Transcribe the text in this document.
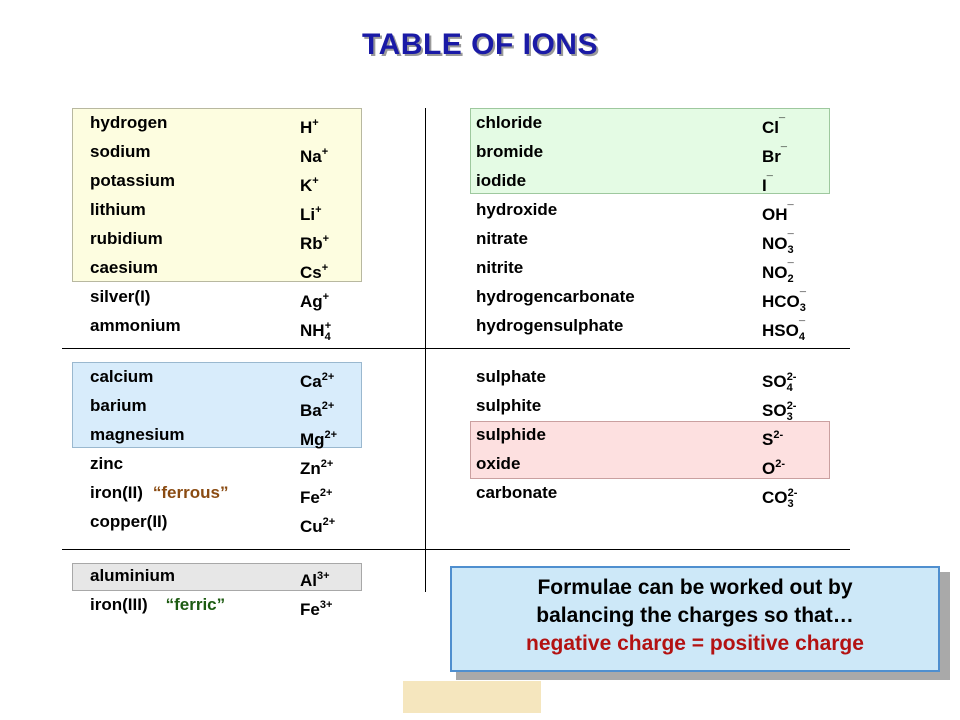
TABLE OF IONS
hydrogen	H+
sodium	Na+
potassium	K+
lithium	Li+
rubidium	Rb+
caesium	Cs+
silver(I)	Ag+
ammonium	$NH_4^+$
calcium	$Ca^{2+}$
barium	$Ba^{2+}$
magnesium	$Mg^{2+}$
zinc	$Zn^{2+}$
iron(II) “ferrous”	$Fe^{2+}$
copper(II)	$Cu^{2+}$
aluminium	$Al^{3+}$
iron(III) “ferric”	$Fe^{3+}$
chloride	Cl¯
bromide	Br¯
iodide	I¯
hydroxide	OH¯
nitrate	$NO_3^¯$
nitrite	$NO_2^¯$
hydrogencarbonate	$HCO_3^¯$
hydrogensulphate	$HSO_4^¯$
sulphate	$SO_4^{2-}$
sulphite	$SO_3^{2-}$
sulphide	$S^{2-}$
oxide	$O^{2-}$
carbonate	$CO_3^{2-}$
Formulae can be worked out by
balancing the charges so that…
negative charge = positive charge
